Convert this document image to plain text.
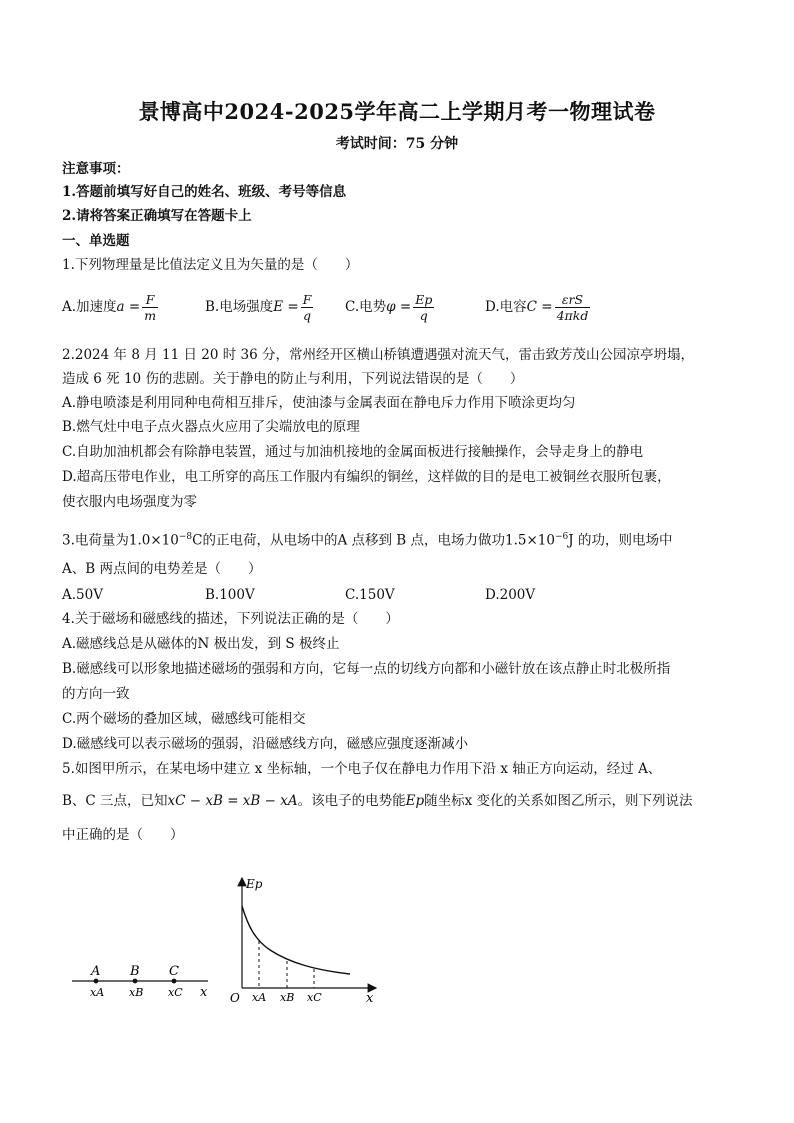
景博高中2024-2025学年高二上学期月考一物理试卷
考试时间：75 分钟
注意事项：
1.答题前填写好自己的姓名、班级、考号等信息
2.请将答案正确填写在答题卡上
一、单选题
1.下列物理量是比值法定义且为矢量的是（　　）
A.加速度$a = \frac{F}{m}$	B.电场强度$E = \frac{F}{q} C$.电势$\varphi = \frac{Ep}{q}$	D.电容$C = \frac{\text{εrS}}{\text{4πkd}}$
2.2024 年 8 月 11 日 20 时 36 分，常州经开区横山桥镇遭遇强对流天气，雷击致芳茂山公园凉亭坍塌，
造成 6 死 10 伤的悲剧。关于静电的防止与利用，下列说法错误的是（　　）
A.静电喷漆是利用同种电荷相互排斥，使油漆与金属表面在静电斥力作用下喷涂更均匀
B.燃气灶中电子点火器点火应用了尖端放电的原理
C.自助加油机都会有除静电装置，通过与加油机接地的金属面板进行接触操作，会导走身上的静电
D.超高压带电作业，电工所穿的高压工作服内有编织的铜丝，这样做的目的是电工被铜丝衣服所包裹，
使衣服内电场强度为零
3.电荷量为$1.0\times 10^{-8}C$的正电荷，从电场中的A 点移到 B 点，电场力做功$1.5\times 10^{-6}J$ 的功，则电场中
A、B 两点间的电势差是（　　）
A.50V	B.100V	C.150V	D.200V
4.关于磁场和磁感线的描述，下列说法正确的是（　　）
A.磁感线总是从磁体的N 极出发，到 S 极终止
B.磁感线可以形象地描述磁场的强弱和方向，它每一点的切线方向都和小磁针放在该点静止时北极所指
的方向一致
C.两个磁场的叠加区域，磁感线可能相交
D.磁感线可以表示磁场的强弱，沿磁感线方向，磁感应强度逐渐减小
5.如图甲所示，在某电场中建立 x 坐标轴，一个电子仅在静电力作用下沿 x 轴正方向运动，经过 A、
B、C 三点，已知xC − xB = xB − xA。该电子的电势能Ep随坐标x 变化的关系如图乙所示，则下列说法
中正确的是（　　）
A B C
xA xB xC x
Ep
O	x
xA xB xC
